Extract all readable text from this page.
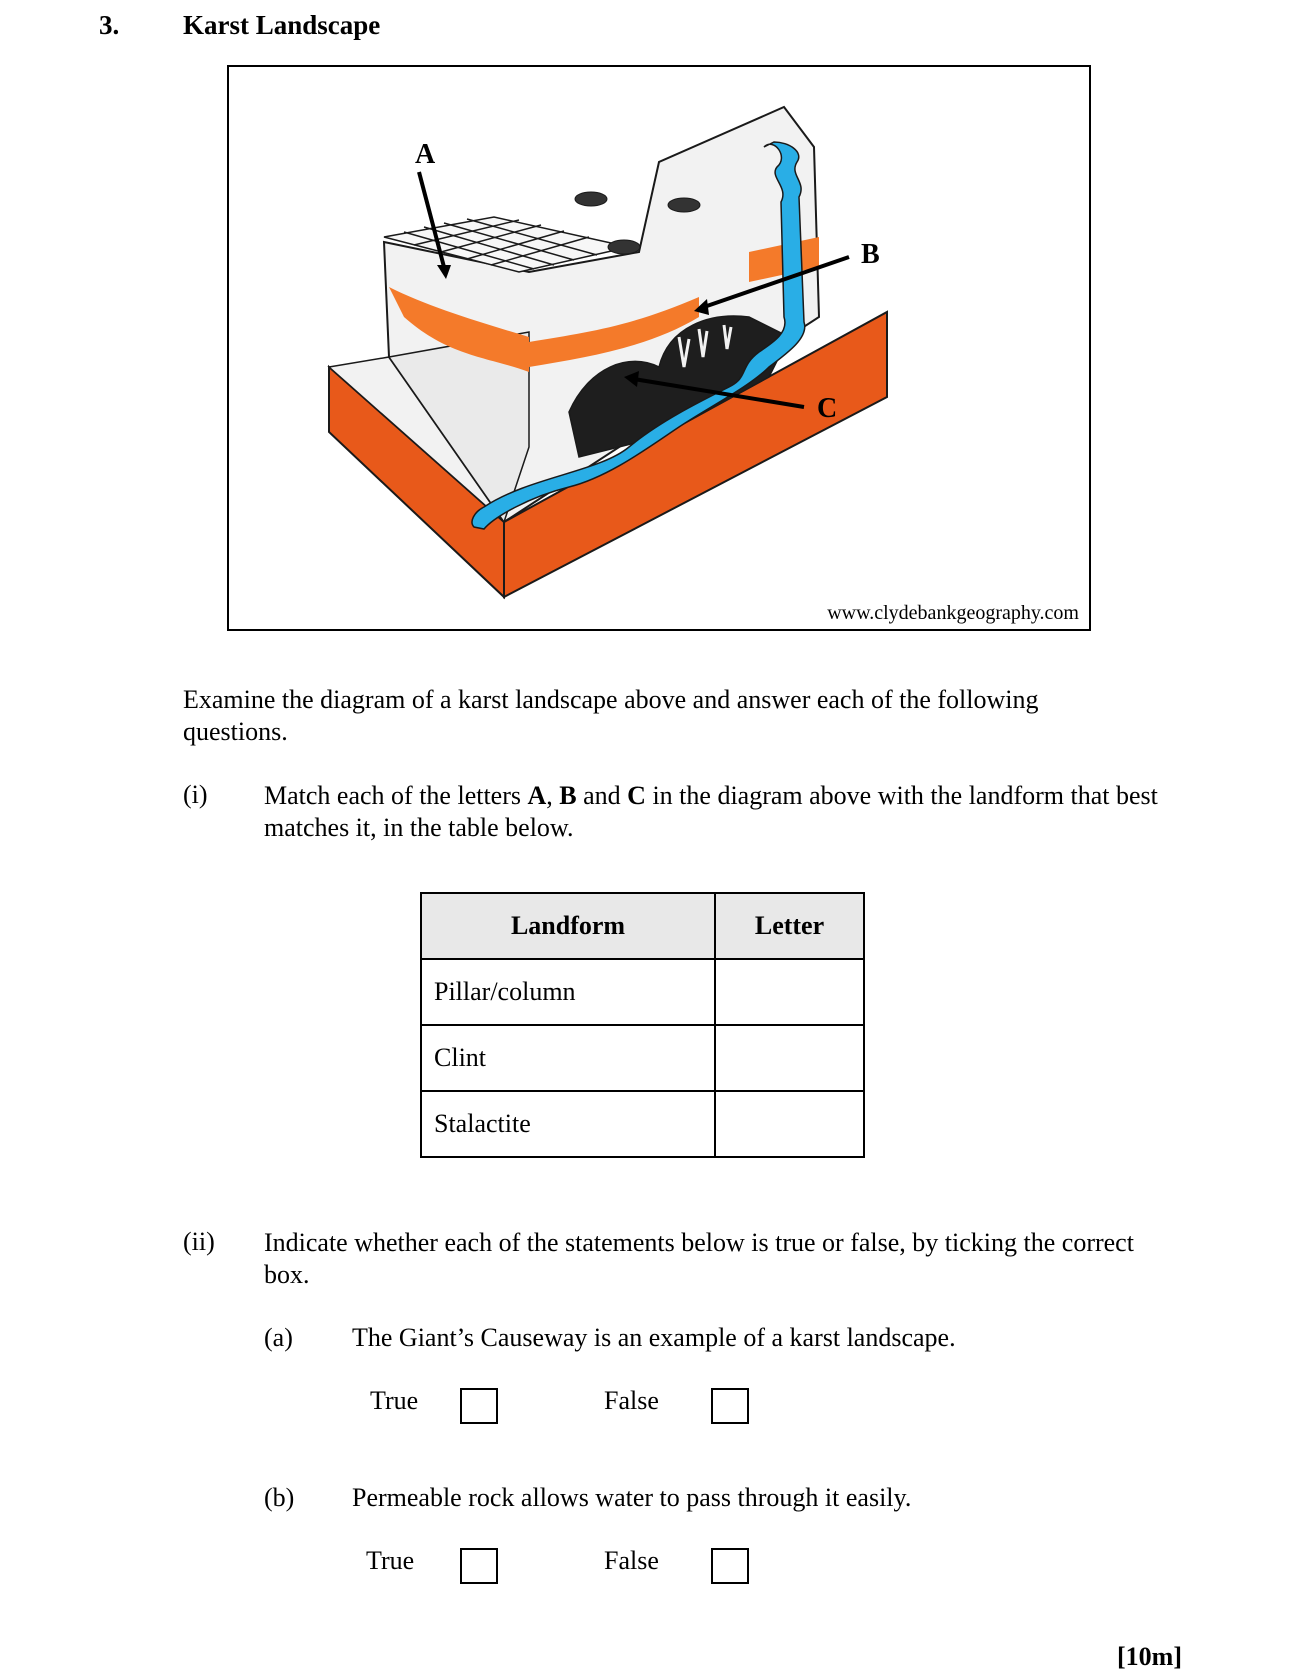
3. Karst Landscape
A
B
C
www.clydebankgeography.com
Examine the diagram of a karst landscape above and answer each of the following questions.
(i) Match each of the letters A, B and C in the diagram above with the landform that best matches it, in the table below.
Landform	Letter
Pillar/column	
Clint	
Stalactite	
(ii) Indicate whether each of the statements below is true or false, by ticking the correct box.
(a) The Giant’s Causeway is an example of a karst landscape.
True	False
(b) Permeable rock allows water to pass through it easily.
True	False
[10m]
